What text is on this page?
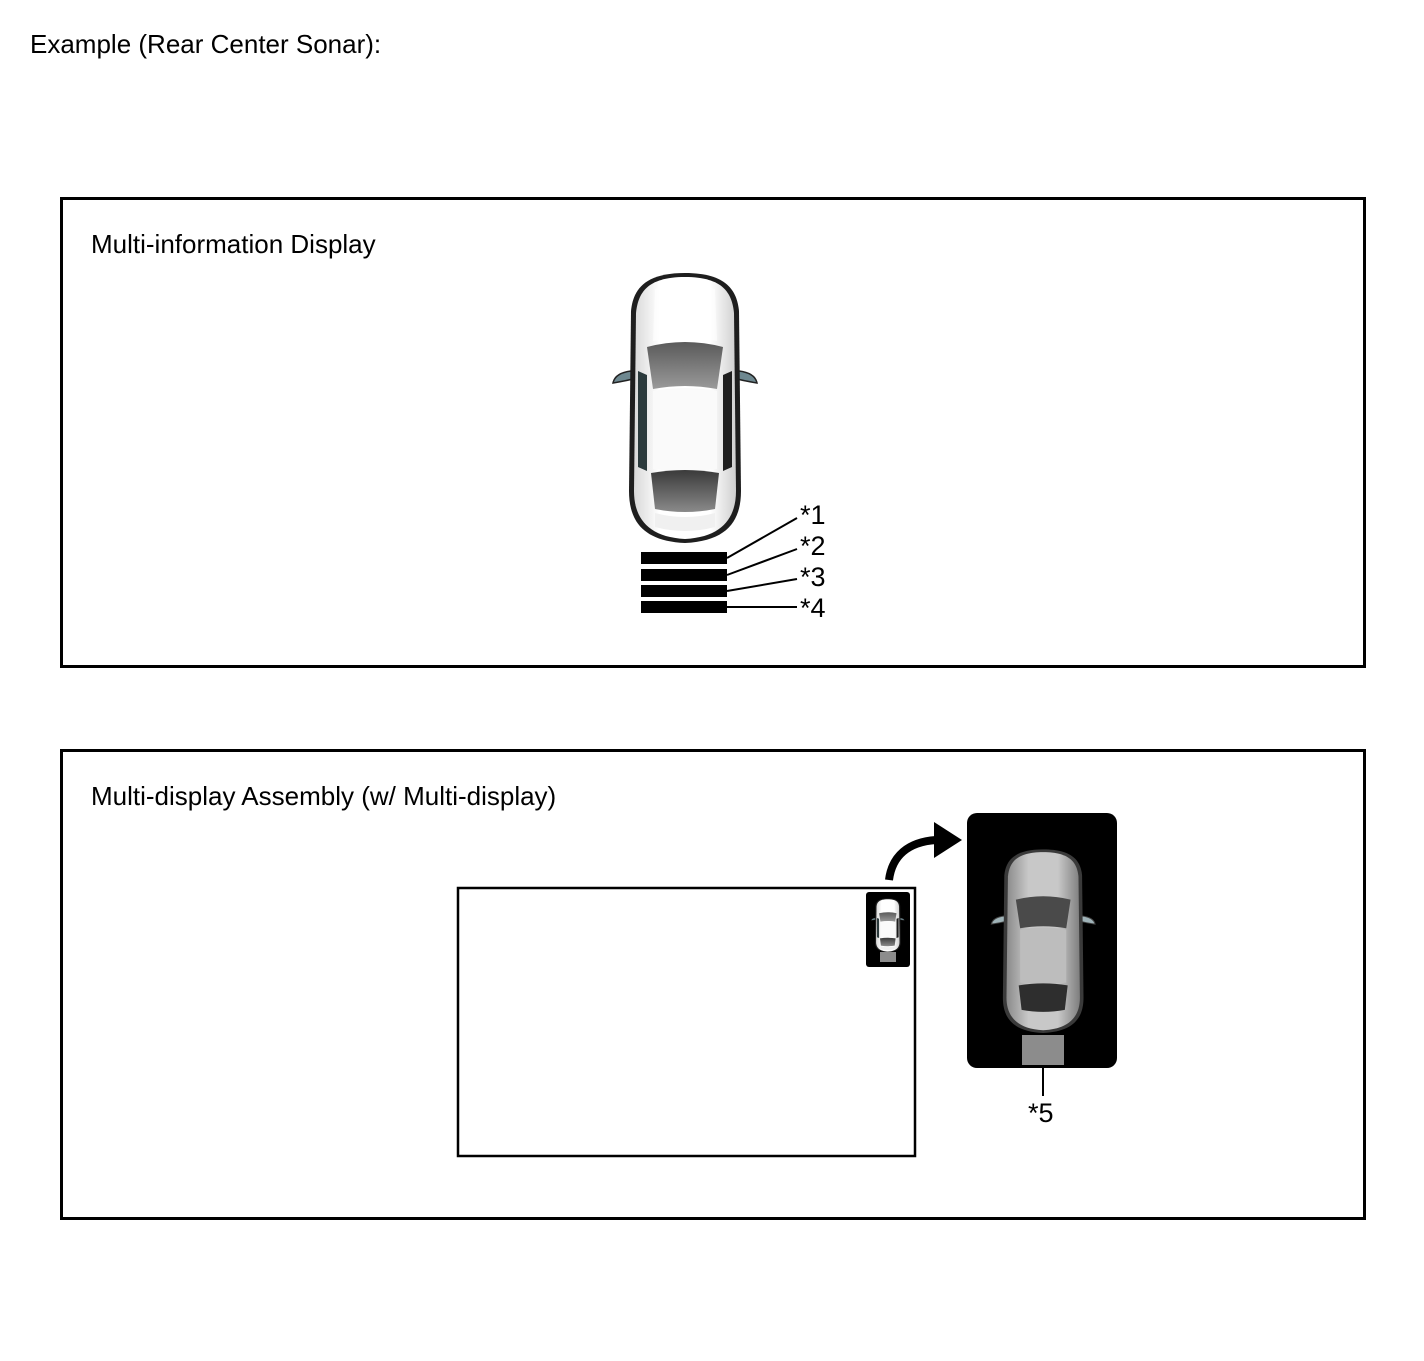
Example (Rear Center Sonar):
Multi-information Display
Multi-display Assembly (w/ Multi-display)
*1
*2
*3
*4
*5
